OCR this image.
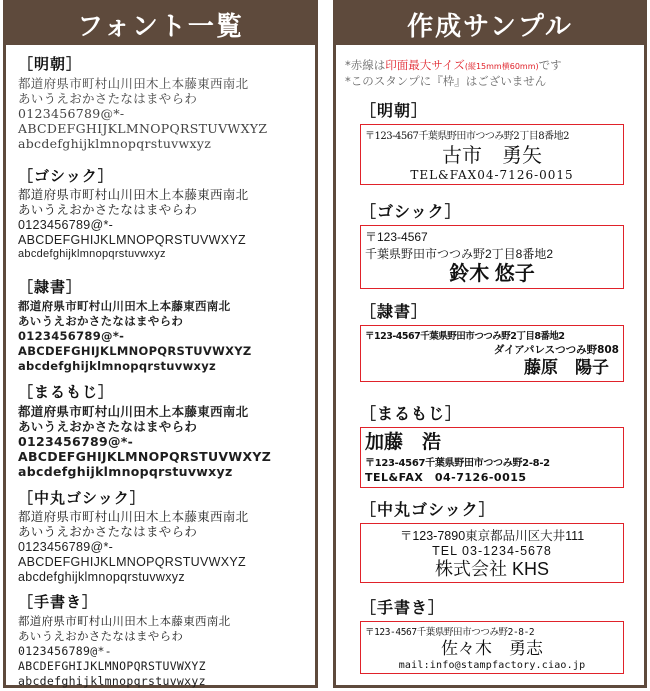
フォント一覧
［明朝］
都道府県市町村山川田木上本藤東西南北
あいうえおかさたなはまやらわ
0123456789@*-
ABCDEFGHIJKLMNOPQRSTUVWXYZ
abcdefghijklmnopqrstuvwxyz
［ゴシック］
都道府県市町村山川田木上本藤東西南北
あいうえおかさたなはまやらわ
0123456789@*-
ABCDEFGHIJKLMNOPQRSTUVWXYZ
abcdefghijklmnopqrstuvwxyz
［隷書］
都道府県市町村山川田木上本藤東西南北
あいうえおかさたなはまやらわ
0123456789@*-
ABCDEFGHIJKLMNOPQRSTUVWXYZ
abcdefghijklmnopqrstuvwxyz
［まるもじ］
都道府県市町村山川田木上本藤東西南北
あいうえおかさたなはまやらわ
0123456789@*-
ABCDEFGHIJKLMNOPQRSTUVWXYZ
abcdefghijklmnopqrstuvwxyz
［中丸ゴシック］
都道府県市町村山川田木上本藤東西南北
あいうえおかさたなはまやらわ
0123456789@*-
ABCDEFGHIJKLMNOPQRSTUVWXYZ
abcdefghijklmnopqrstuvwxyz
［手書き］
都道府県市町村山川田木上本藤東西南北
あいうえおかさたなはまやらわ
0123456789@*-
ABCDEFGHIJKLMNOPQRSTUVWXYZ
abcdefghijklmnopqrstuvwxyz
作成サンプル
*赤線は印面最大サイズ(縦15mm横60mm)です
*このスタンプに『枠』はございません
［明朝］
〒123-4567千葉県野田市つつみ野2丁目8番地2
古市　勇矢
TEL&FAX04-7126-0015
［ゴシック］
〒123-4567
千葉県野田市つつみ野2丁目8番地2
鈴木 悠子
［隷書］
〒123-4567千葉県野田市つつみ野2丁目8番地2
ダイアパレスつつみ野808
藤原　陽子
［まるもじ］
加藤　浩
〒123-4567千葉県野田市つつみ野2-8-2
TEL&FAX　04-7126-0015
［中丸ゴシック］
〒123-7890東京都品川区大井111
TEL 03-1234-5678
株式会社 KHS
［手書き］
〒123-4567千葉県野田市つつみ野2-8-2
佐々木　勇志
mail:info@stampfactory.ciao.jp
